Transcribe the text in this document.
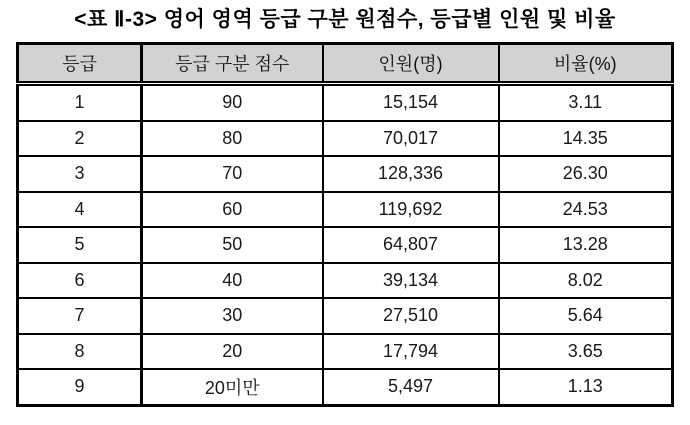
<표 Ⅱ-3> 영어 영역 등급 구분 원점수, 등급별 인원 및 비율
등급	등급 구분 점수	인원(명)	비율(%)
1	90	15,154	3.11
2	80	70,017	14.35
3	70	128,336	26.30
4	60	119,692	24.53
5	50	64,807	13.28
6	40	39,134	8.02
7	30	27,510	5.64
8	20	17,794	3.65
9	20미만	5,497	1.13
